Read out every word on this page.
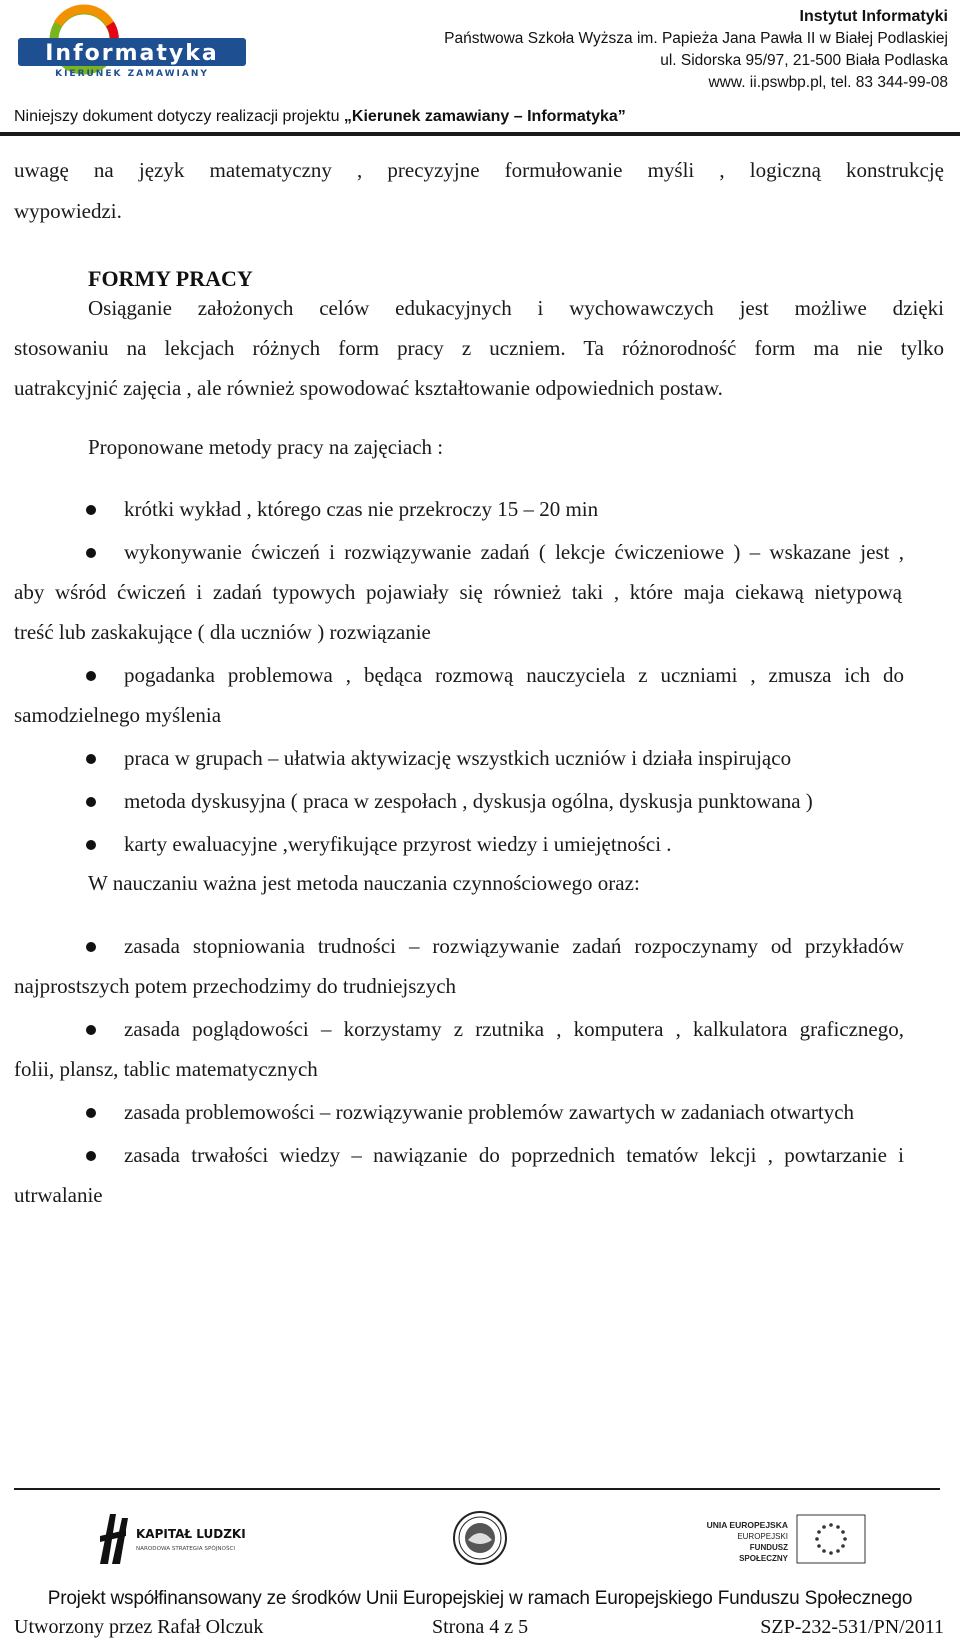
Informatyka
KIERUNEK ZAMAWIANY
Instytut Informatyki
Państwowa Szkoła Wyższa im. Papieża Jana Pawła II w Białej Podlaskiej
ul. Sidorska 95/97, 21-500 Biała Podlaska
www. ii.pswbp.pl, tel. 83 344-99-08
Niniejszy dokument dotyczy realizacji projektu „Kierunek zamawiany – Informatyka”
uwagę na język matematyczny , precyzyjne formułowanie myśli , logiczną konstrukcję
wypowiedzi.
FORMY PRACY
Osiąganie założonych celów edukacyjnych i wychowawczych jest możliwe dzięki
stosowaniu na lekcjach różnych form pracy z uczniem. Ta różnorodność form ma nie tylko
uatrakcyjnić zajęcia , ale również spowodować kształtowanie odpowiednich postaw.
Proponowane metody pracy na zajęciach :
krótki wykład , którego czas nie przekroczy 15 – 20 min
wykonywanie ćwiczeń i rozwiązywanie zadań ( lekcje ćwiczeniowe ) – wskazane jest ,
aby wśród ćwiczeń i zadań typowych pojawiały się również taki , które maja ciekawą nietypową
treść lub zaskakujące ( dla uczniów ) rozwiązanie
pogadanka problemowa , będąca rozmową nauczyciela z uczniami , zmusza ich do
samodzielnego myślenia
praca w grupach – ułatwia aktywizację wszystkich uczniów i działa inspirująco
metoda dyskusyjna ( praca w zespołach , dyskusja ogólna, dyskusja punktowana )
karty ewaluacyjne ,weryfikujące przyrost wiedzy i umiejętności .
W nauczaniu ważna jest metoda nauczania czynnościowego oraz:
zasada stopniowania trudności – rozwiązywanie zadań rozpoczynamy od przykładów
najprostszych potem przechodzimy do trudniejszych
zasada poglądowości – korzystamy z rzutnika , komputera , kalkulatora graficznego,
folii, plansz, tablic matematycznych
zasada problemowości – rozwiązywanie problemów zawartych w zadaniach otwartych
zasada trwałości wiedzy – nawiązanie do poprzednich tematów lekcji , powtarzanie i
utrwalanie
KAPITAŁ LUDZKI
NARODOWA STRATEGIA SPÓJNOŚCI
UNIA EUROPEJSKA
EUROPEJSKI
FUNDUSZ SPOŁECZNY
Projekt współfinansowany ze środków Unii Europejskiej w ramach Europejskiego Funduszu Społecznego
Utworzony przez Rafał Olczuk	Strona 4 z 5	SZP-232-531/PN/2011
